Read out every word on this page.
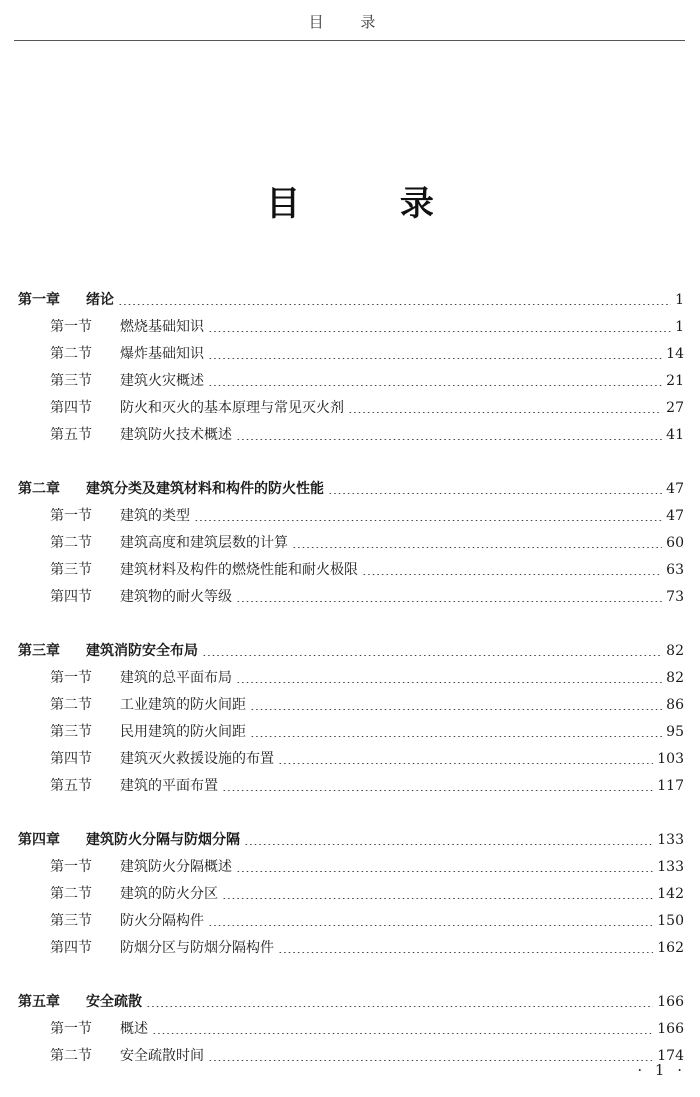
目 录
目 录
第一章	绪论	1
第一节	燃烧基础知识	1
第二节	爆炸基础知识	14
第三节	建筑火灾概述	21
第四节	防火和灭火的基本原理与常见灭火剂	27
第五节	建筑防火技术概述	41
第二章	建筑分类及建筑材料和构件的防火性能	47
第一节	建筑的类型	47
第二节	建筑高度和建筑层数的计算	60
第三节	建筑材料及构件的燃烧性能和耐火极限	63
第四节	建筑物的耐火等级	73
第三章	建筑消防安全布局	82
第一节	建筑的总平面布局	82
第二节	工业建筑的防火间距	86
第三节	民用建筑的防火间距	95
第四节	建筑灭火救援设施的布置	103
第五节	建筑的平面布置	117
第四章	建筑防火分隔与防烟分隔	133
第一节	建筑防火分隔概述	133
第二节	建筑的防火分区	142
第三节	防火分隔构件	150
第四节	防烟分区与防烟分隔构件	162
第五章	安全疏散	166
第一节	概述	166
第二节	安全疏散时间	174
· 1 ·
